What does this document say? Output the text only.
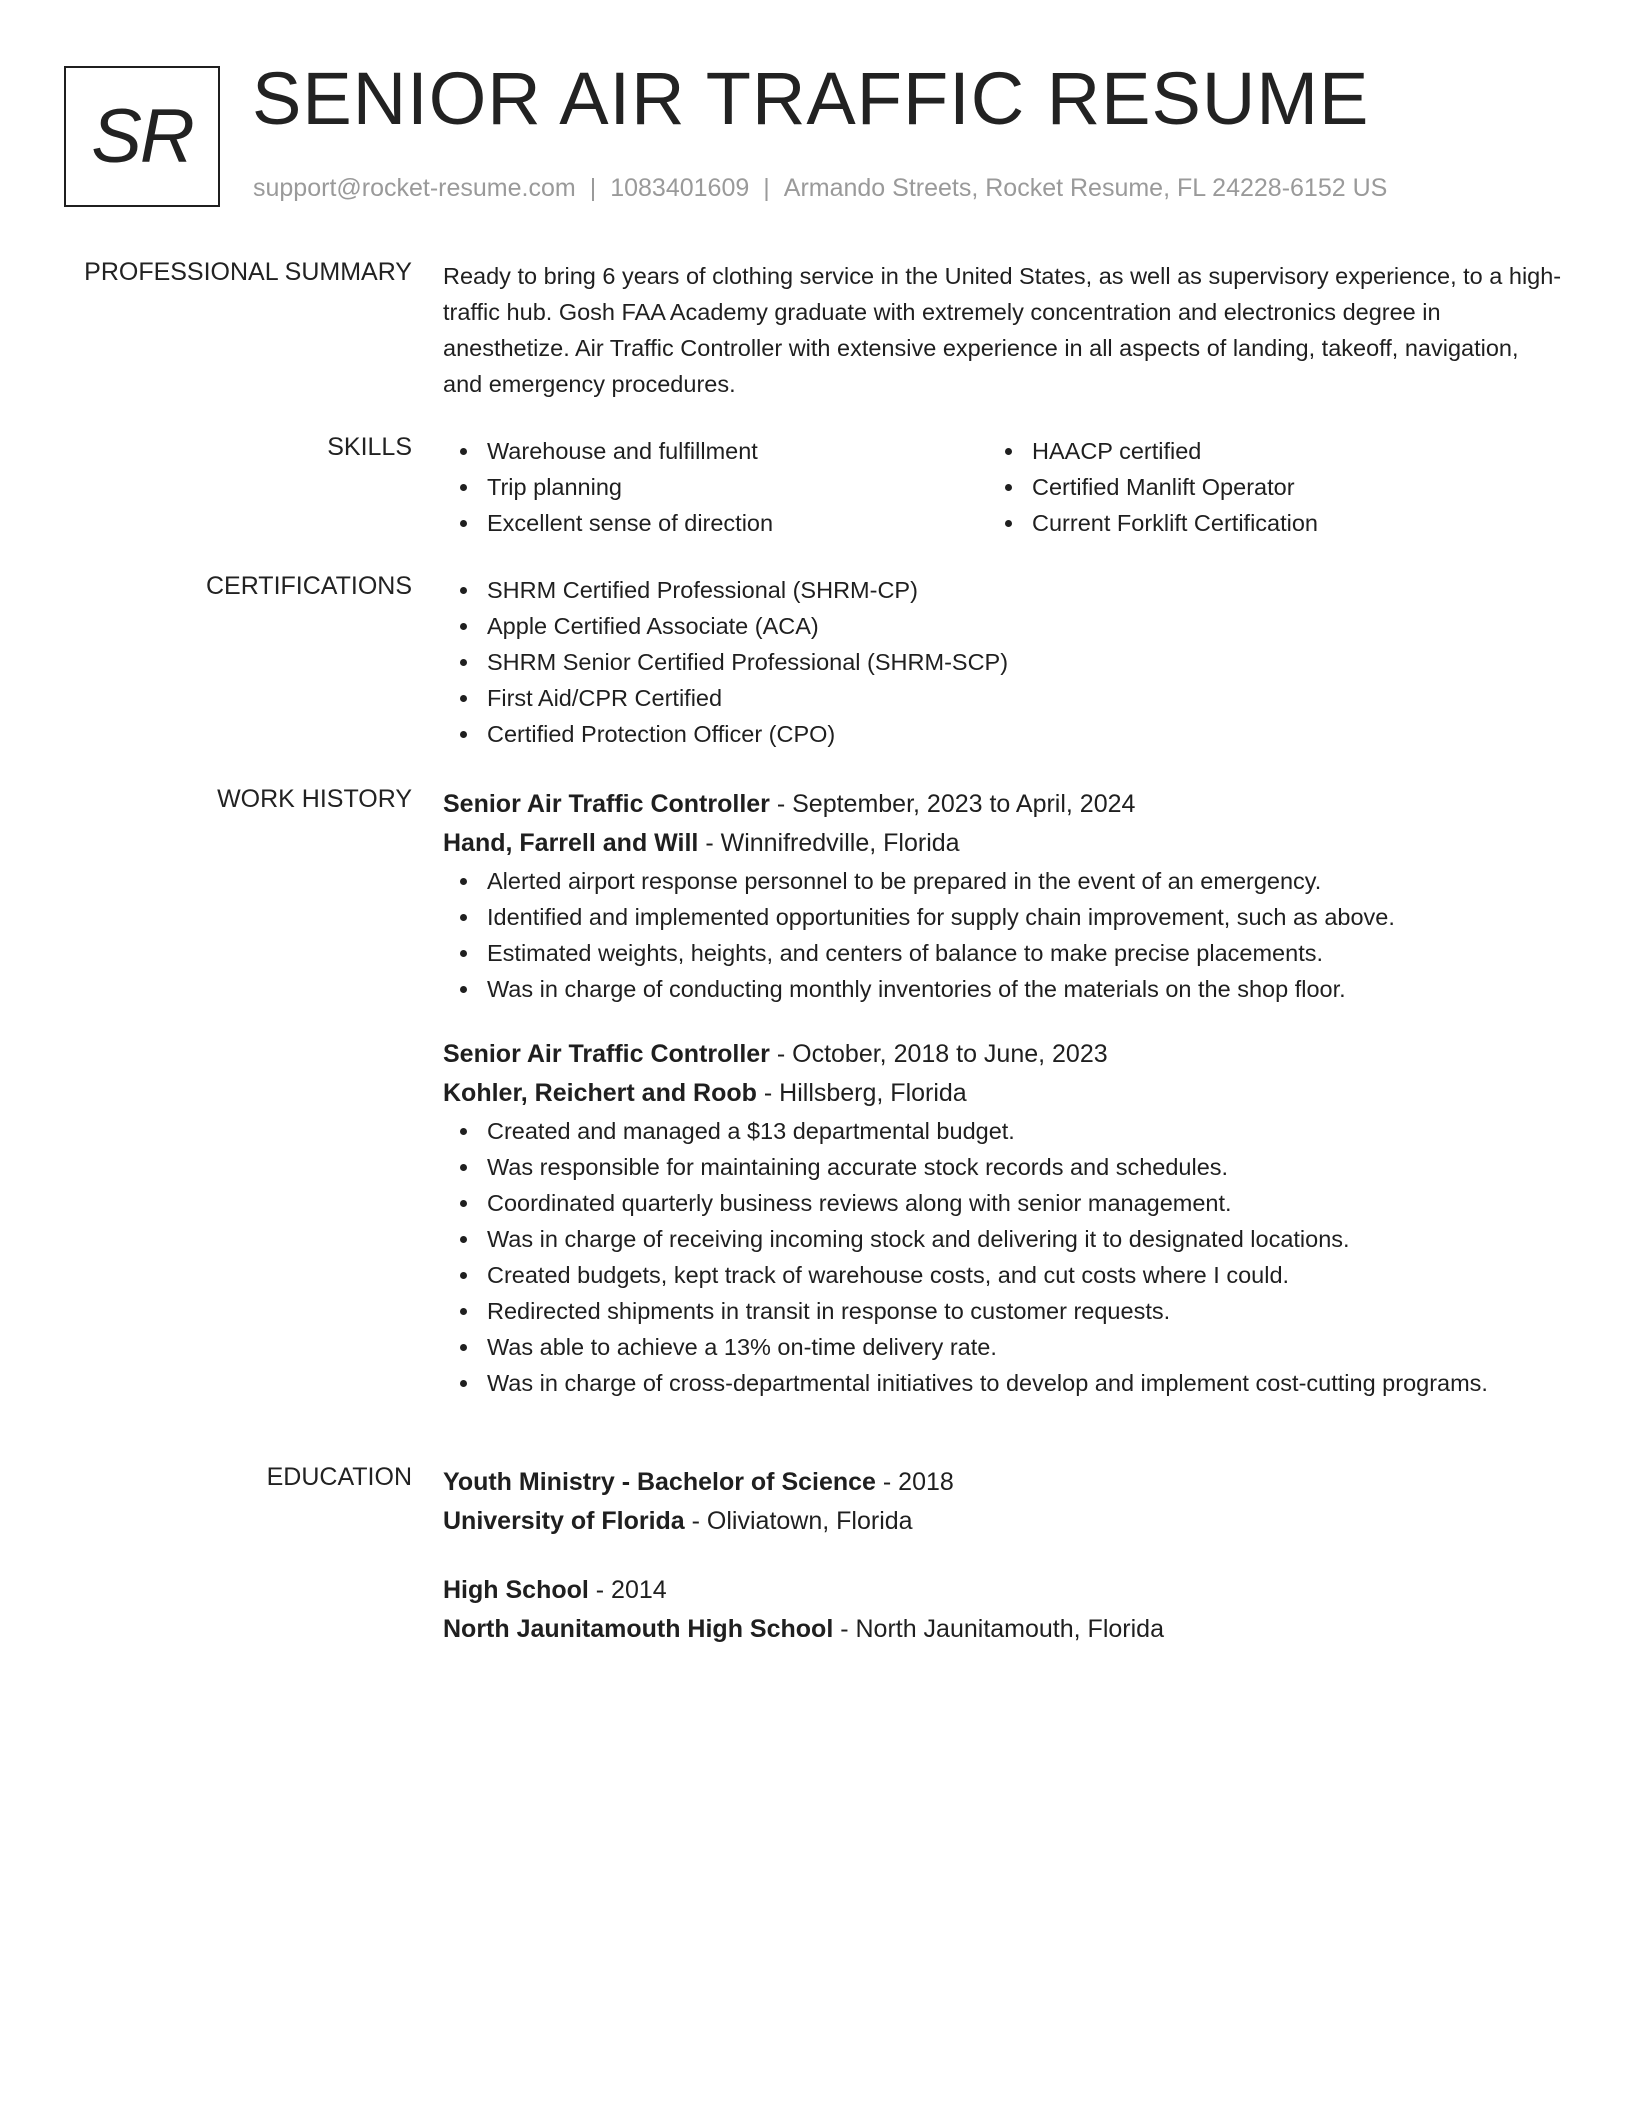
SR SENIOR AIR TRAFFIC RESUME
support@rocket-resume.com | 1083401609 | Armando Streets, Rocket Resume, FL 24228-6152 US
PROFESSIONAL SUMMARY Ready to bring 6 years of clothing service in the United States, as well as supervisory experience, to a high-traffic hub. Gosh FAA Academy graduate with extremely concentration and electronics degree in anesthetize. Air Traffic Controller with extensive experience in all aspects of landing, takeoff, navigation, and emergency procedures.

SKILLS	Warehouse and fulfillment
Trip planning
Excellent sense of direction
HAACP certified
Certified Manlift Operator
Current Forklift Certification
CERTIFICATIONS	SHRM Certified Professional (SHRM-CP)
Apple Certified Associate (ACA)
SHRM Senior Certified Professional (SHRM-SCP)
First Aid/CPR Certified
Certified Protection Officer (CPO)
WORK HISTORY Senior Air Traffic Controller - September, 2023 to April, 2024
Hand, Farrell and Will - Winnifredville, Florida
Alerted airport response personnel to be prepared in the event of an emergency.
Identified and implemented opportunities for supply chain improvement, such as above.
Estimated weights, heights, and centers of balance to make precise placements.
Was in charge of conducting monthly inventories of the materials on the shop floor.
Senior Air Traffic Controller - October, 2018 to June, 2023
Kohler, Reichert and Roob - Hillsberg, Florida
Created and managed a $13 departmental budget.
Was responsible for maintaining accurate stock records and schedules.
Coordinated quarterly business reviews along with senior management.
Was in charge of receiving incoming stock and delivering it to designated locations.
Created budgets, kept track of warehouse costs, and cut costs where I could.
Redirected shipments in transit in response to customer requests.
Was able to achieve a 13% on-time delivery rate.
Was in charge of cross-departmental initiatives to develop and implement cost-cutting programs.
EDUCATION Youth Ministry - Bachelor of Science - 2018
University of Florida - Oliviatown, Florida
High School - 2014
North Jaunitamouth High School - North Jaunitamouth, Florida
